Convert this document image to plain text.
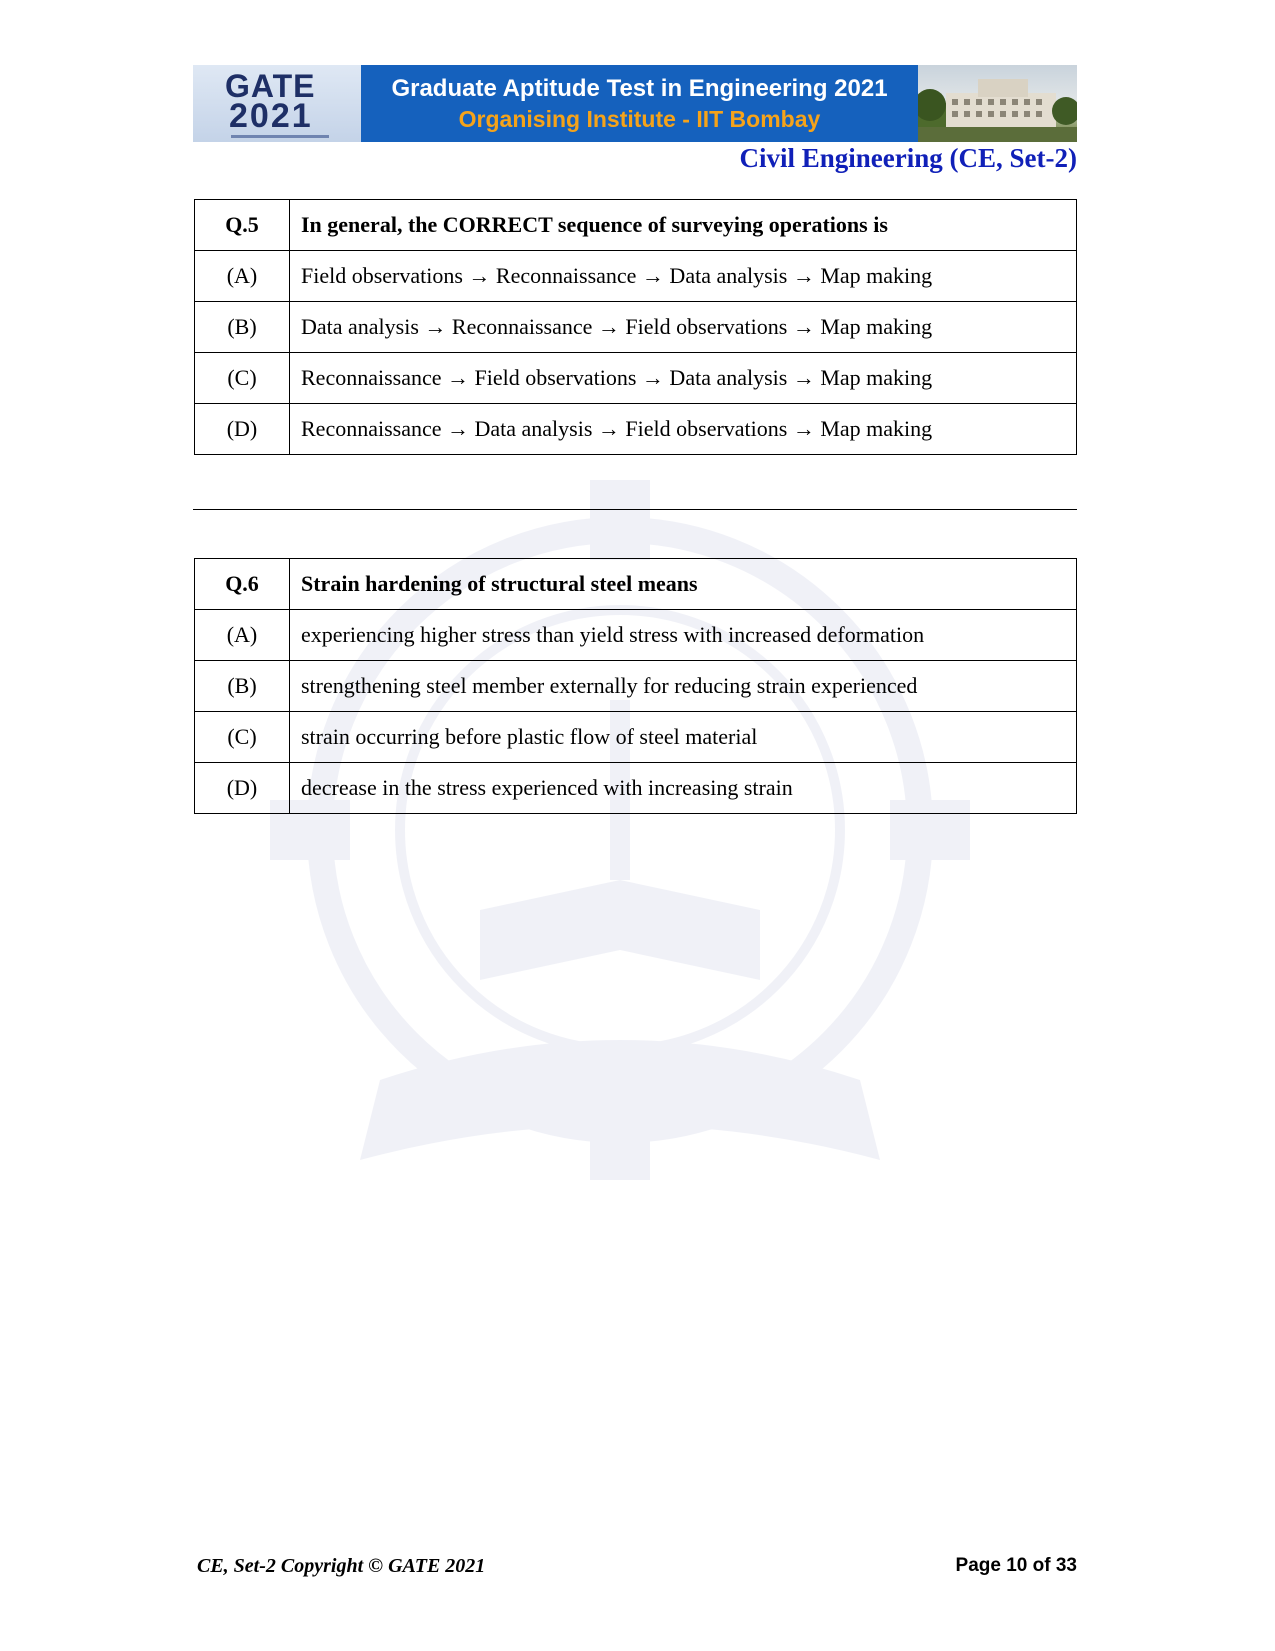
GATE
2021
Graduate Aptitude Test in Engineering 2021
Organising Institute - IIT Bombay
Civil Engineering (CE, Set-2)
Q.5	In general, the CORRECT sequence of surveying operations is
(A)	Field observations → Reconnaissance → Data analysis → Map making
(B)	Data analysis → Reconnaissance → Field observations → Map making
(C)	Reconnaissance → Field observations → Data analysis → Map making
(D)	Reconnaissance → Data analysis → Field observations → Map making
Q.6	Strain hardening of structural steel means
(A)	experiencing higher stress than yield stress with increased deformation
(B)	strengthening steel member externally for reducing strain experienced
(C)	strain occurring before plastic flow of steel material
(D)	decrease in the stress experienced with increasing strain
CE, Set-2 Copyright © GATE 2021	Page 10 of 33
